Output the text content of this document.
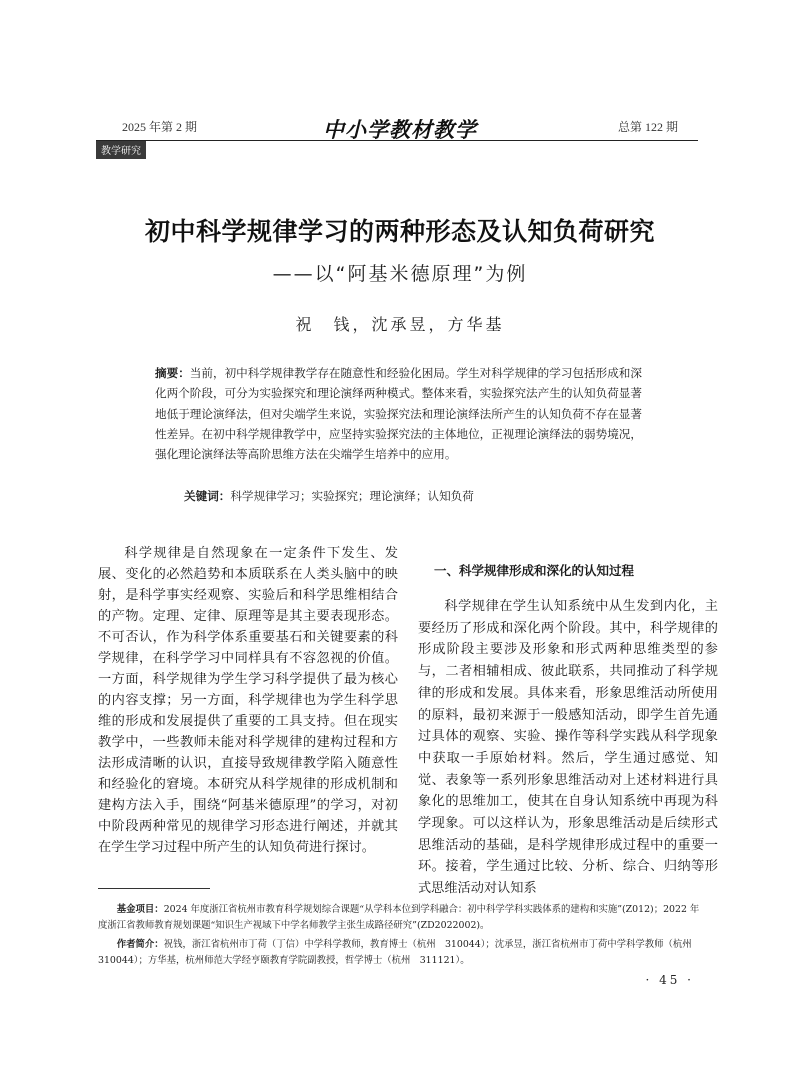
2025 年第 2 期	中小学教材教学	总第 122 期
教学研究
初中科学规律学习的两种形态及认知负荷研究
——以“阿基米德原理”为例
祝　钱，沈承昱，方华基
摘要：当前，初中科学规律教学存在随意性和经验化困局。学生对科学规律的学习包括形成和深化两个阶段，可分为实验探究和理论演绎两种模式。整体来看，实验探究法产生的认知负荷显著地低于理论演绎法，但对尖端学生来说，实验探究法和理论演绎法所产生的认知负荷不存在显著性差异。在初中科学规律教学中，应坚持实验探究法的主体地位，正视理论演绎法的弱势境况，强化理论演绎法等高阶思维方法在尖端学生培养中的应用。
关键词：科学规律学习；实验探究；理论演绎；认知负荷

科学规律是自然现象在一定条件下发生、发展、变化的必然趋势和本质联系在人类头脑中的映射，是科学事实经观察、实验后和科学思维相结合的产物。定理、定律、原理等是其主要表现形态。不可否认，作为科学体系重要基石和关键要素的科学规律，在科学学习中同样具有不容忽视的价值。一方面，科学规律为学生学习科学提供了最为核心的内容支撑；另一方面，科学规律也为学生科学思维的形成和发展提供了重要的工具支持。但在现实教学中，一些教师未能对科学规律的建构过程和方法形成清晰的认识，直接导致规律教学陷入随意性和经验化的窘境。本研究从科学规律的形成机制和建构方法入手，围绕“阿基米德原理”的学习，对初中阶段两种常见的规律学习形态进行阐述，并就其在学生学习过程中所产生的认知负荷进行探讨。

一、科学规律形成和深化的认知过程

科学规律在学生认知系统中从生发到内化，主要经历了形成和深化两个阶段。其中，科学规律的形成阶段主要涉及形象和形式两种思维类型的参与，二者相辅相成、彼此联系，共同推动了科学规律的形成和发展。具体来看，形象思维活动所使用的原料，最初来源于一般感知活动，即学生首先通过具体的观察、实验、操作等科学实践从科学现象中获取一手原始材料。然后，学生通过感觉、知觉、表象等一系列形象思维活动对上述材料进行具象化的思维加工，使其在自身认知系统中再现为科学现象。可以这样认为，形象思维活动是后续形式思维活动的基础，是科学规律形成过程中的重要一环。接着，学生通过比较、分析、综合、归纳等形式思维活动对认知系

基金项目：2024 年度浙江省杭州市教育科学规划综合课题“从学科本位到学科融合：初中科学学科实践体系的建构和实施”(Z012)；2022 年度浙江省教师教育规划课题“知识生产视域下中学名师教学主张生成路径研究”(ZD2022002)。

作者简介：祝钱，浙江省杭州市丁荷（丁信）中学科学教师，教育博士（杭州　310044）；沈承昱，浙江省杭州市丁荷中学科学教师（杭州　310044）；方华基，杭州师范大学经亨颐教育学院副教授，哲学博士（杭州　311121）。

· 45 ·
